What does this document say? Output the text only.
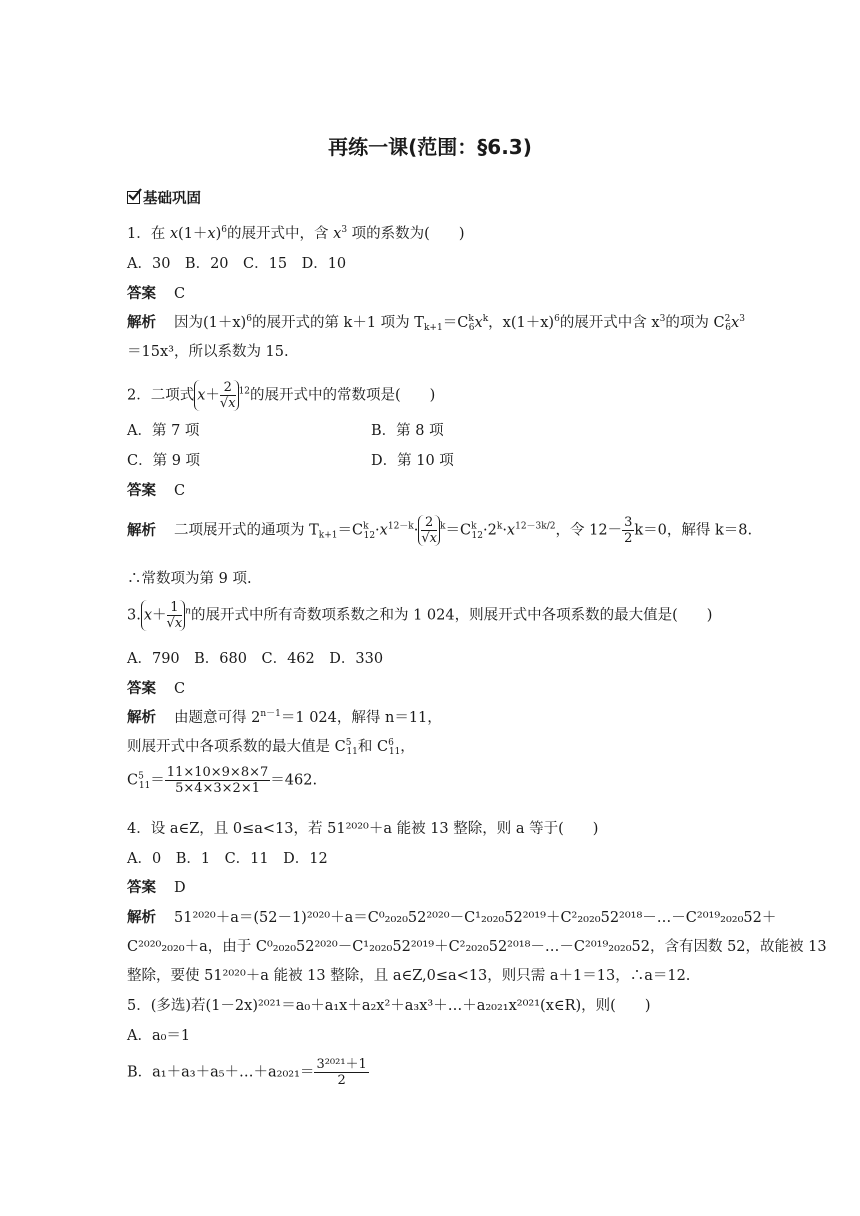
再练一课(范围：§6.3)
基础巩固
1．在 $x(1+x)^6$的展开式中，含 $x^3$ 项的系数为(　　)
A．30　B．20　C．15　D．10
答案 C
解析 因为$(1+x)^6$的展开式的第 k＋1 项为 $T_{k+1}=C^k_6x^k$，$x(1+x)^6$的展开式中含 $x^3$的项为 $C^2_6x^3$
＝15x³，所以系数为 15.
2．二项式 $x+ \frac{2}{√x} ^{12}$的展开式中的常数项是(　　)
A．第 7 项	B．第 8 项
C．第 9 项	D．第 10 项
答案 C
解析 二项展开式的通项为 $T_{k+1}=C^k_{12}\cdot x^{12-k}\cdot \frac{2}{√x} ^k=C^k_{12}\cdot 2^k\cdot x^{12-3k/2}$，令 $12- \frac{3}{2} k=0$，解得 k＝8.
∴常数项为第 9 项.
3. $x+ \frac{1}{√x} ^n$的展开式中所有奇数项系数之和为 1 024，则展开式中各项系数的最大值是(　　)
A．790　B．680　C．462　D．330
答案 C
解析 由题意可得 $2^{n-1}=1$ 024，解得 n＝11，
则展开式中各项系数的最大值是 $C^5_{11}$和 $C^6_{11}$，
$C^5_{11}= \frac{11\times 10\times 9\times 8\times 7}{5\times 4\times 3\times 2\times 1} =462$.
4．设 a∈Z，且 0≤a<13，若 51²⁰²⁰＋a 能被 13 整除，则 a 等于(　　)
A．0　B．1　C．11　D．12
答案 D
解析 51²⁰²⁰＋a＝(52－1)²⁰²⁰＋a＝C⁰₂₀₂₀52²⁰²⁰－C¹₂₀₂₀52²⁰¹⁹＋C²₂₀₂₀52²⁰¹⁸－…－C²⁰¹⁹₂₀₂₀52＋
C²⁰²⁰₂₀₂₀＋a，由于 C⁰₂₀₂₀52²⁰²⁰－C¹₂₀₂₀52²⁰¹⁹＋C²₂₀₂₀52²⁰¹⁸－…－C²⁰¹⁹₂₀₂₀52，含有因数 52，故能被 13
整除，要使 51²⁰²⁰＋a 能被 13 整除，且 a∈Z,0≤a<13，则只需 a＋1＝13，∴a＝12.
5．(多选)若(1－2x)²⁰²¹＝a₀＋a₁x＋a₂x²＋a₃x³＋…＋a₂₀₂₁x²⁰²¹(x∈R)，则(　　)
A．a₀＝1
B．a₁＋a₃＋a₅＋…＋a₂₀₂₁＝ $\frac{\text{3²⁰²¹＋1}}{2}$
